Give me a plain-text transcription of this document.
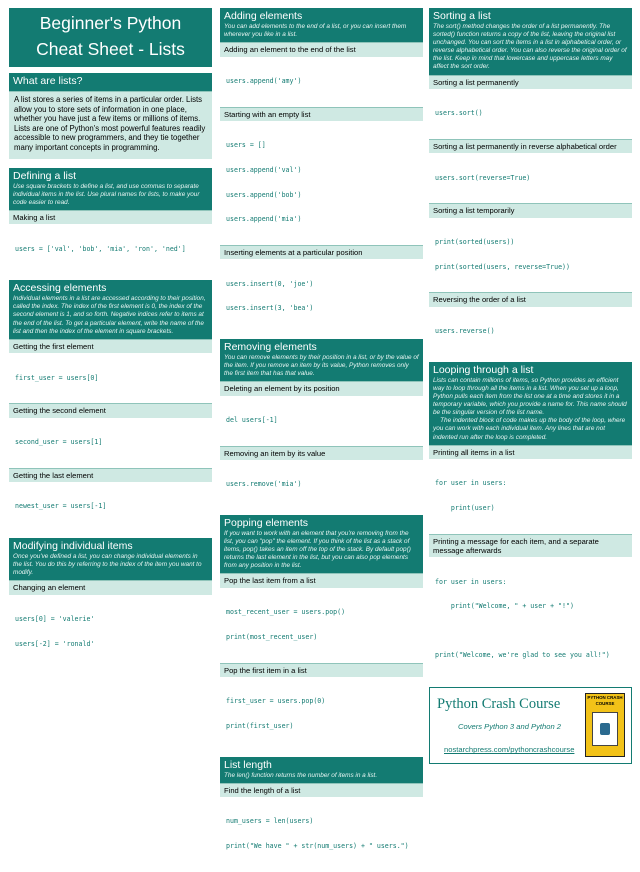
Beginner's Python
Cheat Sheet - Lists
What are lists?
A list stores a series of items in a particular order. Lists allow you to store sets of information in one place, whether you have just a few items or millions of items. Lists are one of Python's most powerful features readily accessible to new programmers, and they tie together many important concepts in programming.
Defining a list
Use square brackets to define a list, and use commas to separate individual items in the list. Use plural names for lists, to make your code easier to read.
Making a list

users = ['val', 'bob', 'mia', 'ron', 'ned']

Accessing elements
Individual elements in a list are accessed according to their position, called the index. The index of the first element is 0, the index of the second element is 1, and so forth. Negative indices refer to items at the end of the list. To get a particular element, write the name of the list and then the index of the element in square brackets.
Getting the first element

first_user = users[0]

Getting the second element

second_user = users[1]

Getting the last element

newest_user = users[-1]

Modifying individual items
Once you've defined a list, you can change individual elements in the list. You do this by referring to the index of the item you want to modify.
Changing an element

users[0] = 'valerie'

users[-2] = 'ronald'

Adding elements
You can add elements to the end of a list, or you can insert them wherever you like in a list.
Adding an element to the end of the list

users.append('amy')

Starting with an empty list

users = []

users.append('val')

users.append('bob')

users.append('mia')

Inserting elements at a particular position

users.insert(0, 'joe')

users.insert(3, 'bea')

Removing elements
You can remove elements by their position in a list, or by the value of the item. If you remove an item by its value, Python removes only the first item that has that value.
Deleting an element by its position

del users[-1]

Removing an item by its value

users.remove('mia')

Popping elements
If you want to work with an element that you're removing from the list, you can "pop" the element. If you think of the list as a stack of items, pop() takes an item off the top of the stack. By default pop() returns the last element in the list, but you can also pop elements from any position in the list.
Pop the last item from a list

most_recent_user = users.pop()

print(most_recent_user)

Pop the first item in a list

first_user = users.pop(0)

print(first_user)

List length
The len() function returns the number of items in a list.
Find the length of a list

num_users = len(users)

print("We have " + str(num_users) + " users.")

Sorting a list
The sort() method changes the order of a list permanently. The sorted() function returns a copy of the list, leaving the original list unchanged. You can sort the items in a list in alphabetical order, or reverse alphabetical order. You can also reverse the original order of the list. Keep in mind that lowercase and uppercase letters may affect the sort order.
Sorting a list permanently

users.sort()

Sorting a list permanently in reverse alphabetical order

users.sort(reverse=True)

Sorting a list temporarily

print(sorted(users))

print(sorted(users, reverse=True))

Reversing the order of a list

users.reverse()

Looping through a list
Lists can contain millions of items, so Python provides an efficient way to loop through all the items in a list. When you set up a loop, Python pulls each item from the list one at a time and stores it in a temporary variable, which you provide a name for. This name should be the singular version of the list name.
The indented block of code makes up the body of the loop, where you can work with each individual item. Any lines that are not indented run after the loop is completed.
Printing all items in a list

for user in users:

print(user)

Printing a message for each item, and a separate message afterwards

for user in users:

print("Welcome, " + user + "!")

print("Welcome, we're glad to see you all!")

Python Crash Course
Covers Python 3 and Python 2
nostarchpress.com/pythoncrashcourse
PYTHON CRASH COURSE
